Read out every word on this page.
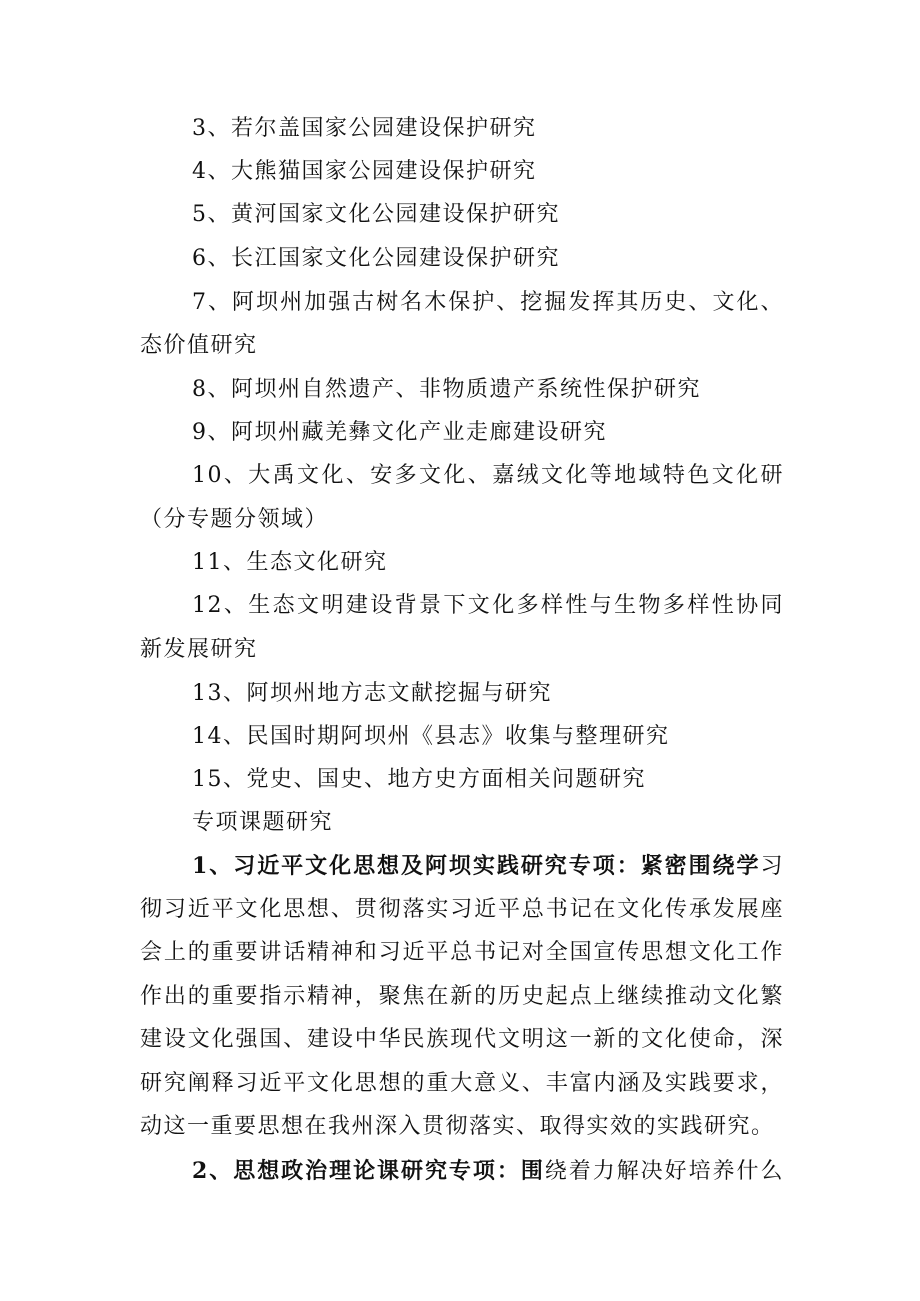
3、若尔盖国家公园建设保护研究
4、大熊猫国家公园建设保护研究
5、黄河国家文化公园建设保护研究
6、长江国家文化公园建设保护研究
7、阿坝州加强古树名木保护、挖掘发挥其历史、文化、
态价值研究
8、阿坝州自然遗产、非物质遗产系统性保护研究
9、阿坝州藏羌彝文化产业走廊建设研究
10、大禹文化、安多文化、嘉绒文化等地域特色文化研
（分专题分领域）
11、生态文化研究
12、生态文明建设背景下文化多样性与生物多样性协同
新发展研究
13、阿坝州地方志文献挖掘与研究
14、民国时期阿坝州《县志》收集与整理研究
15、党史、国史、地方史方面相关问题研究
专项课题研究
1、习近平文化思想及阿坝实践研究专项：紧密围绕学习
彻习近平文化思想、贯彻落实习近平总书记在文化传承发展座
会上的重要讲话精神和习近平总书记对全国宣传思想文化工作
作出的重要指示精神，聚焦在新的历史起点上继续推动文化繁
建设文化强国、建设中华民族现代文明这一新的文化使命，深
研究阐释习近平文化思想的重大意义、丰富内涵及实践要求，
动这一重要思想在我州深入贯彻落实、取得实效的实践研究。
2、思想政治理论课研究专项：围绕着力解决好培养什么
